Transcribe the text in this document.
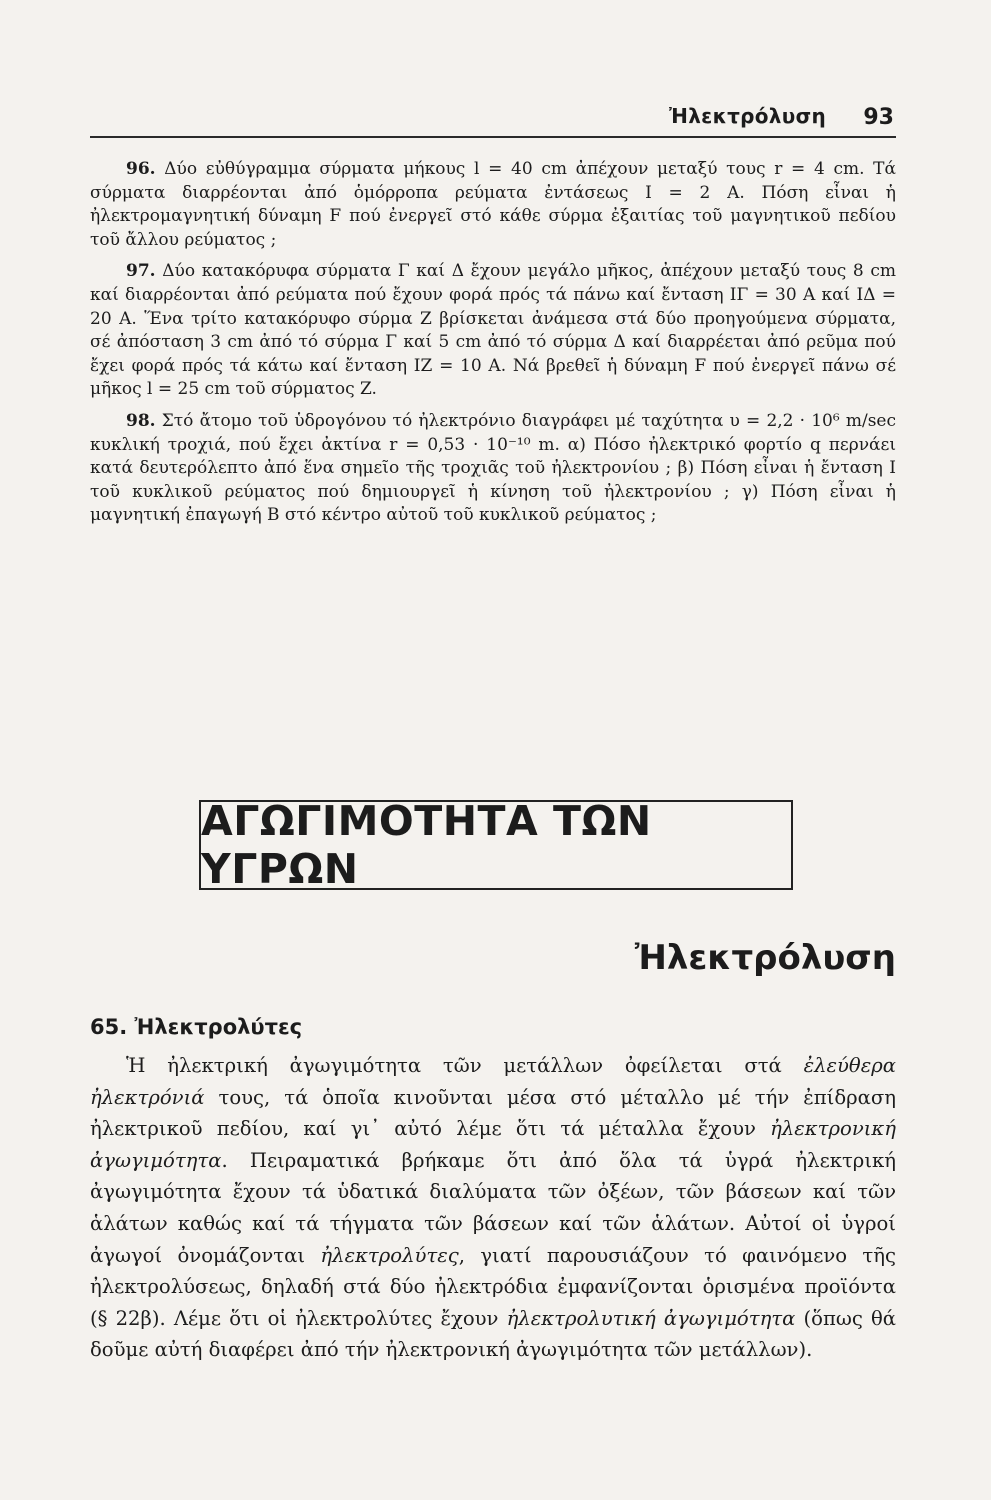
Ἠλεκτρόλυση 93

96. Δύο εὐθύγραμμα σύρματα μήκους l = 40 cm ἀπέχουν μεταξύ τους r = 4 cm. Τά σύρματα διαρρέονται ἀπό ὁμόρροπα ρεύματα ἐντάσεως I = 2 A. Πόση εἶναι ἡ ἠλεκτρομαγνητική δύναμη F πού ἐνεργεῖ στό κάθε σύρμα ἐξαιτίας τοῦ μαγνητικοῦ πεδίου τοῦ ἄλλου ρεύματος ;

97. Δύο κατακόρυφα σύρματα Γ καί Δ ἔχουν μεγάλο μῆκος, ἀπέχουν μεταξύ τους 8 cm καί διαρρέονται ἀπό ρεύματα πού ἔχουν φορά πρός τά πάνω καί ἔνταση IΓ = 30 A καί IΔ = 20 A. Ἕνα τρίτο κατακόρυφο σύρμα Z βρίσκεται ἀνάμεσα στά δύο προηγούμενα σύρματα, σέ ἀπόσταση 3 cm ἀπό τό σύρμα Γ καί 5 cm ἀπό τό σύρμα Δ καί διαρρέεται ἀπό ρεῦμα πού ἔχει φορά πρός τά κάτω καί ἔνταση IZ = 10 A. Νά βρεθεῖ ἡ δύναμη F πού ἐνεργεῖ πάνω σέ μῆκος l = 25 cm τοῦ σύρματος Z.

98. Στό ἄτομο τοῦ ὑδρογόνου τό ἠλεκτρόνιο διαγράφει μέ ταχύτητα υ = 2,2 · 10⁶ m/sec κυκλική τροχιά, πού ἔχει ἀκτίνα r = 0,53 · 10⁻¹⁰ m. α) Πόσο ἠλεκτρικό φορτίο q περνάει κατά δευτερόλεπτο ἀπό ἕνα σημεῖο τῆς τροχιᾶς τοῦ ἠλεκτρονίου ; β) Πόση εἶναι ἡ ἔνταση I τοῦ κυκλικοῦ ρεύματος πού δημιουργεῖ ἡ κίνηση τοῦ ἠλεκτρονίου ; γ) Πόση εἶναι ἡ μαγνητική ἐπαγωγή B στό κέντρο αὐτοῦ τοῦ κυκλικοῦ ρεύματος ;

ΑΓΩΓΙΜΟΤΗΤΑ ΤΩΝ ΥΓΡΩΝ
Ἠλεκτρόλυση
65. Ἠλεκτρολύτες

Ἡ ἠλεκτρική ἀγωγιμότητα τῶν μετάλλων ὀφείλεται στά ἐλεύθερα ἠλεκτρόνιά τους, τά ὁποῖα κινοῦνται μέσα στό μέταλλο μέ τήν ἐπίδραση ἠλεκτρικοῦ πεδίου, καί γι᾽ αὐτό λέμε ὅτι τά μέταλλα ἔχουν ἠλεκτρονική ἀγωγιμότητα. Πειραματικά βρήκαμε ὅτι ἀπό ὅλα τά ὑγρά ἠλεκτρική ἀγωγιμότητα ἔχουν τά ὑδατικά διαλύματα τῶν ὀξέων, τῶν βάσεων καί τῶν ἁλάτων καθώς καί τά τήγματα τῶν βάσεων καί τῶν ἁλάτων. Αὐτοί οἱ ὑγροί ἀγωγοί ὀνομάζονται ἠλεκτρολύτες, γιατί παρουσιάζουν τό φαινόμενο τῆς ἠλεκτρολύσεως, δηλαδή στά δύο ἠλεκτρόδια ἐμφανίζονται ὁρισμένα προϊόντα (§ 22β). Λέμε ὅτι οἱ ἠλεκτρολύτες ἔχουν ἠλεκτρολυτική ἀγωγιμότητα (ὅπως θά δοῦμε αὐτή διαφέρει ἀπό τήν ἠλεκτρονική ἀγωγιμότητα τῶν μετάλλων).
